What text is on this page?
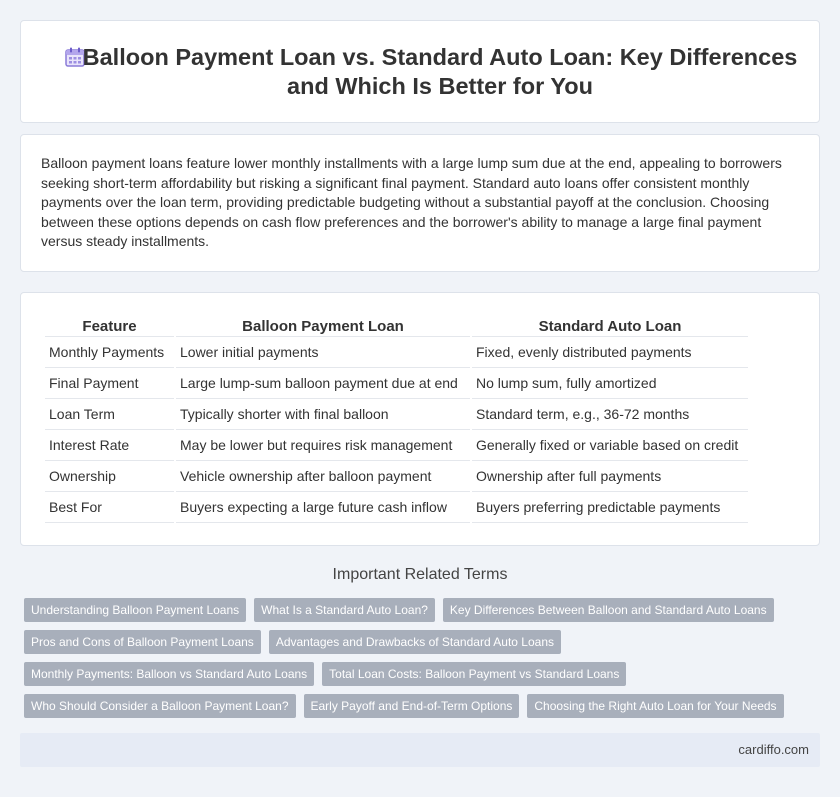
Balloon Payment Loan vs. Standard Auto Loan: Key Differences and Which Is Better for You

Balloon payment loans feature lower monthly installments with a large lump sum due at the end, appealing to borrowers seeking short-term affordability but risking a significant final payment. Standard auto loans offer consistent monthly payments over the loan term, providing predictable budgeting without a substantial payoff at the conclusion. Choosing between these options depends on cash flow preferences and the borrower's ability to manage a large final payment versus steady installments.

Feature	Balloon Payment Loan	Standard Auto Loan
Monthly Payments	Lower initial payments	Fixed, evenly distributed payments
Final Payment	Large lump-sum balloon payment due at end	No lump sum, fully amortized
Loan Term	Typically shorter with final balloon	Standard term, e.g., 36-72 months
Interest Rate	May be lower but requires risk management	Generally fixed or variable based on credit
Ownership	Vehicle ownership after balloon payment	Ownership after full payments
Best For	Buyers expecting a large future cash inflow	Buyers preferring predictable payments
Important Related Terms
Understanding Balloon Payment Loans	What Is a Standard Auto Loan?	Key Differences Between Balloon and Standard Auto Loans
Pros and Cons of Balloon Payment Loans	Advantages and Drawbacks of Standard Auto Loans
Monthly Payments: Balloon vs Standard Auto Loans	Total Loan Costs: Balloon Payment vs Standard Loans
Who Should Consider a Balloon Payment Loan?	Early Payoff and End-of-Term Options	Choosing the Right Auto Loan for Your Needs
cardiffo.com
